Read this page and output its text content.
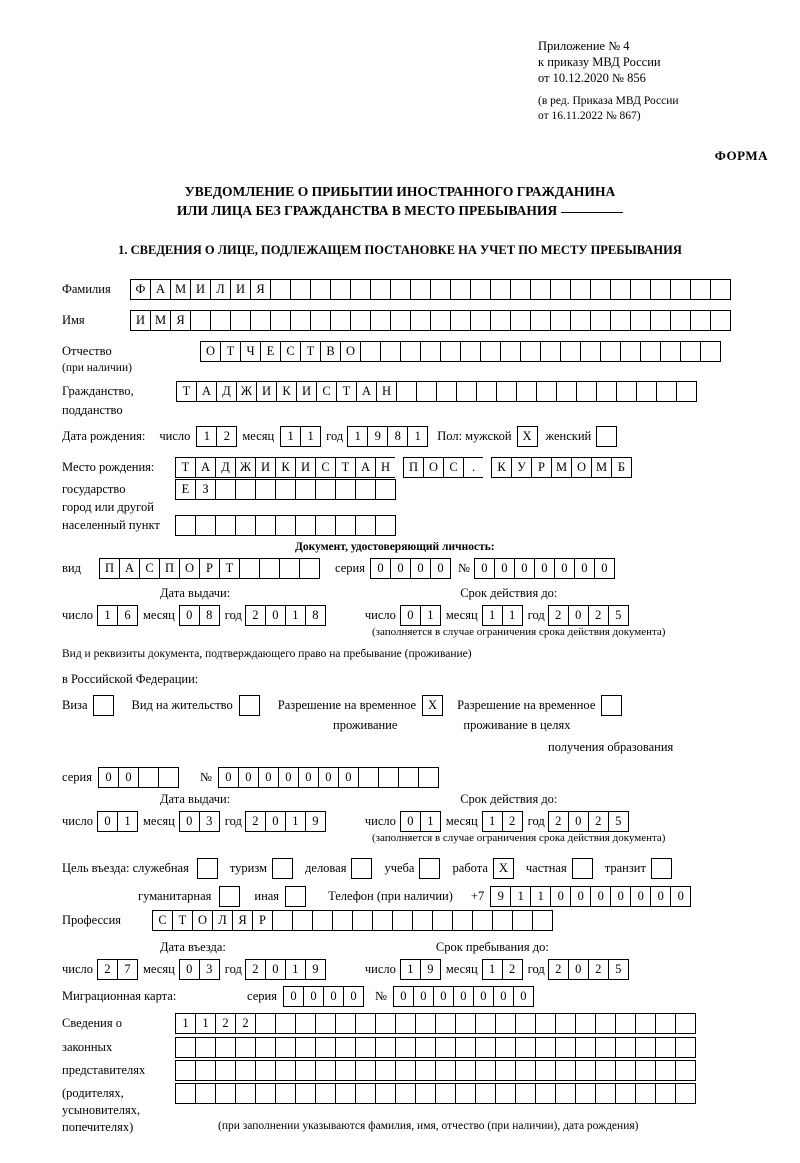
Приложение № 4
к приказу МВД России
от 10.12.2020 № 856
(в ред. Приказа МВД России
от 16.11.2022 № 867)
ФОРМА
УВЕДОМЛЕНИЕ О ПРИБЫТИИ ИНОСТРАННОГО ГРАЖДАНИНА
ИЛИ ЛИЦА БЕЗ ГРАЖДАНСТВА В МЕСТО ПРЕБЫВАНИЯ
1. СВЕДЕНИЯ О ЛИЦЕ, ПОДЛЕЖАЩЕМ ПОСТАНОВКЕ НА УЧЕТ ПО МЕСТУ ПРЕБЫВАНИЯ
Фамилия	Ф А М И Л И Я
Имя	И М Я
Отчество	О Т Ч Е С Т В О
(при наличии)
Гражданство,	Т А Д Ж И К И С Т А Н
подданство
Дата рождения: число	1	2 месяц	1	1 год 1	9	8	1	Пол: мужской X	женский
Место рождения:	Т А Д Ж И К И С Т А Н	П О С	.	К У Р М О М Б
государство	Е	З
город или другой
населенный пункт
Документ, удостоверяющий личность:
вид	П А С П О Р	Т	серия 0	0	0	0	№ 0	0	0	0	0	0	0
Дата выдачи:	Срок действия до:
число 1	6 месяц 0	8 год 2	0	1	8	число 0	1 месяц 1	1 год 2	0	2	5
(заполняется в случае ограничения срока действия документа)
Вид и реквизиты документа, подтверждающего право на пребывание (проживание)
в Российской Федерации:
Виза	Вид на жительство	Разрешение на временное X	Разрешение на временное
проживание	проживание в целях
получения образования
серия	0	0	№	0	0	0	0	0	0	0
Дата выдачи:	Срок действия до:
число 0	1 месяц 0	3 год 2	0	1	9	число 0	1 месяц 1	2 год 2	0	2	5
(заполняется в случае ограничения срока действия документа)
Цель въезда: служебная	туризм	деловая	учеба	работа X	частная	транзит
гуманитарная	иная	Телефон (при наличии) +7	9	1	1	0	0	0	0	0	0	0
Профессия	С Т О Л Я Р
Дата въезда:	Срок пребывания до:
число 2	7 месяц 0	3 год 2	0	1	9	число 1	9 месяц 1	2 год 2	0	2	5
Миграционная карта:	серия	0	0	0	0	№	0	0	0	0	0	0	0
Сведения о	1	1	2	2
законных
представителях
(родителях,
усыновителях,
попечителях)	(при заполнении указываются фамилия, имя, отчество (при наличии), дата рождения)
